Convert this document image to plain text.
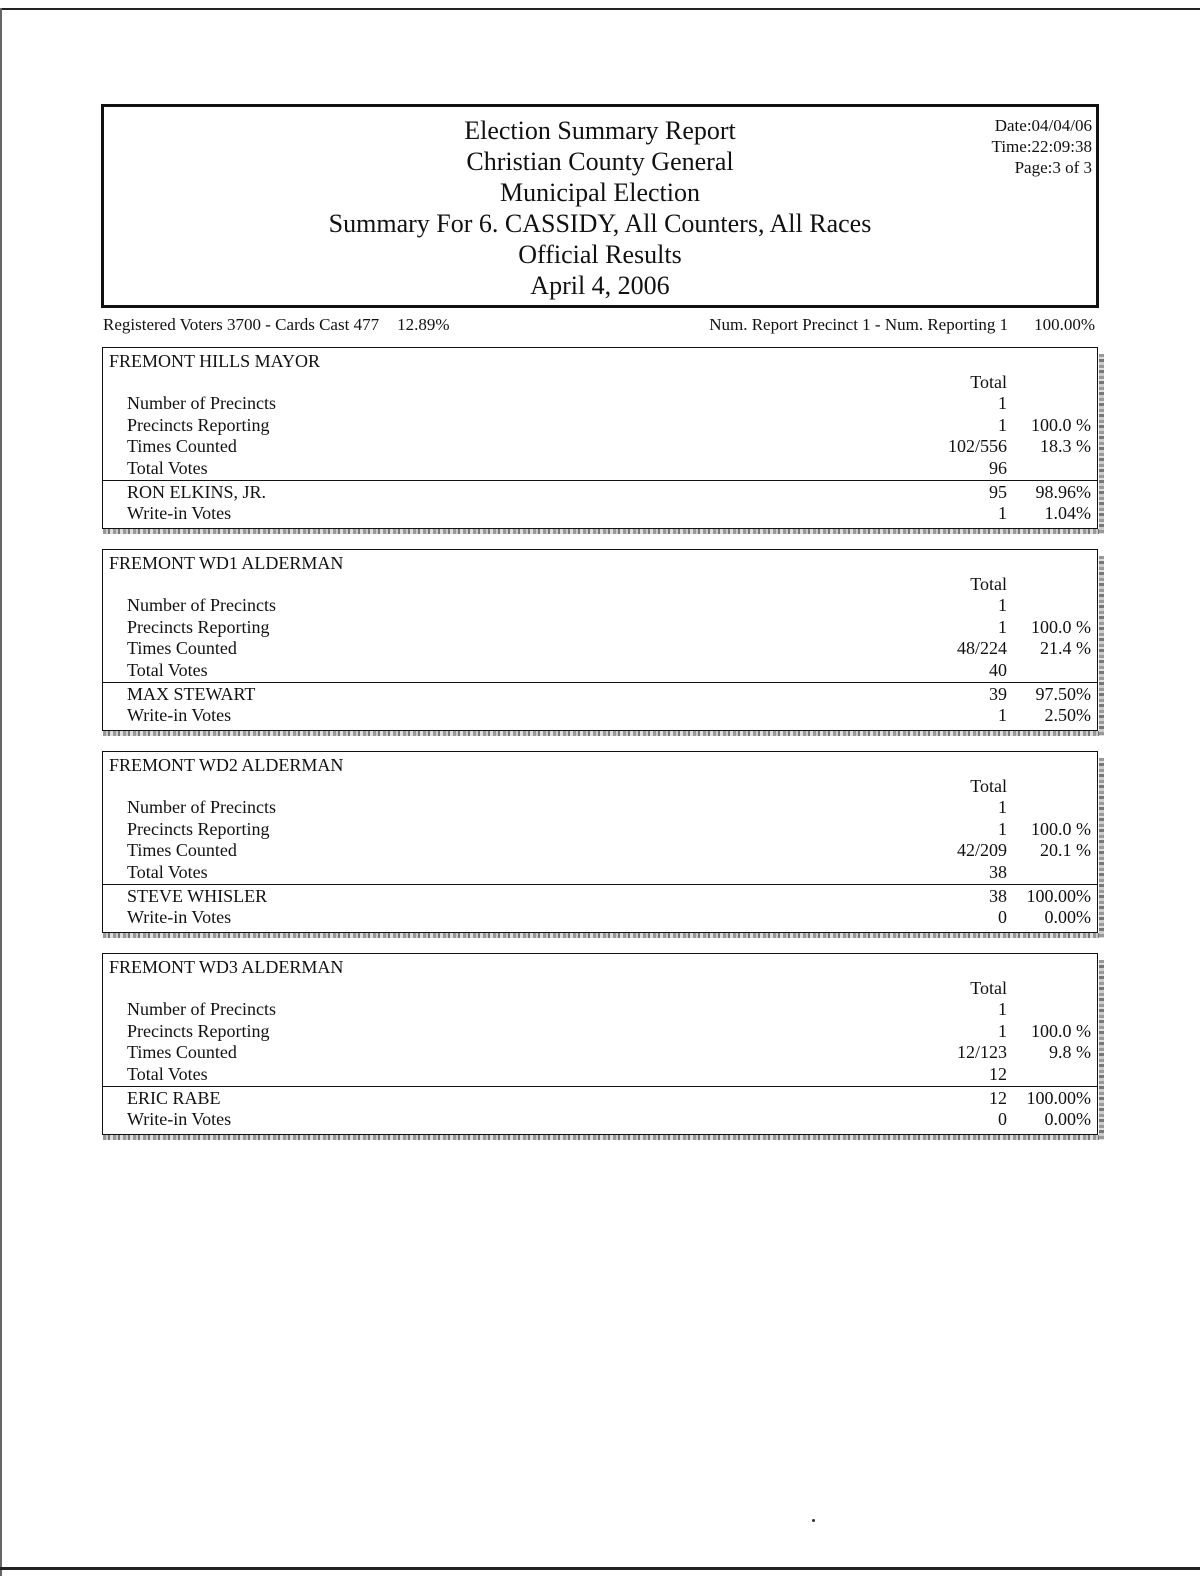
Election Summary Report
Christian County General
Municipal Election
Summary For 6. CASSIDY, All Counters, All Races
Official Results
April 4, 2006
Date:04/04/06
Time:22:09:38
Page:3 of 3
Registered Voters 3700 - Cards Cast 477 12.89%	Num. Report Precinct 1 - Num. Reporting 1 100.00%
FREMONT HILLS MAYOR
Total
Number of Precincts	1
Precincts Reporting	1 100.0 %
Times Counted	102/556 18.3 %
Total Votes	96
RON ELKINS, JR.	95 98.96%
Write-in Votes	1 1.04%
FREMONT WD1 ALDERMAN
Total
Number of Precincts	1
Precincts Reporting	1 100.0 %
Times Counted	48/224 21.4 %
Total Votes	40
MAX STEWART	39 97.50%
Write-in Votes	1 2.50%
FREMONT WD2 ALDERMAN
Total
Number of Precincts	1
Precincts Reporting	1 100.0 %
Times Counted	42/209 20.1 %
Total Votes	38
STEVE WHISLER	38 100.00%
Write-in Votes	0 0.00%
FREMONT WD3 ALDERMAN
Total
Number of Precincts	1
Precincts Reporting	1 100.0 %
Times Counted	12/123 9.8 %
Total Votes	12
ERIC RABE	12 100.00%
Write-in Votes	0 0.00%
